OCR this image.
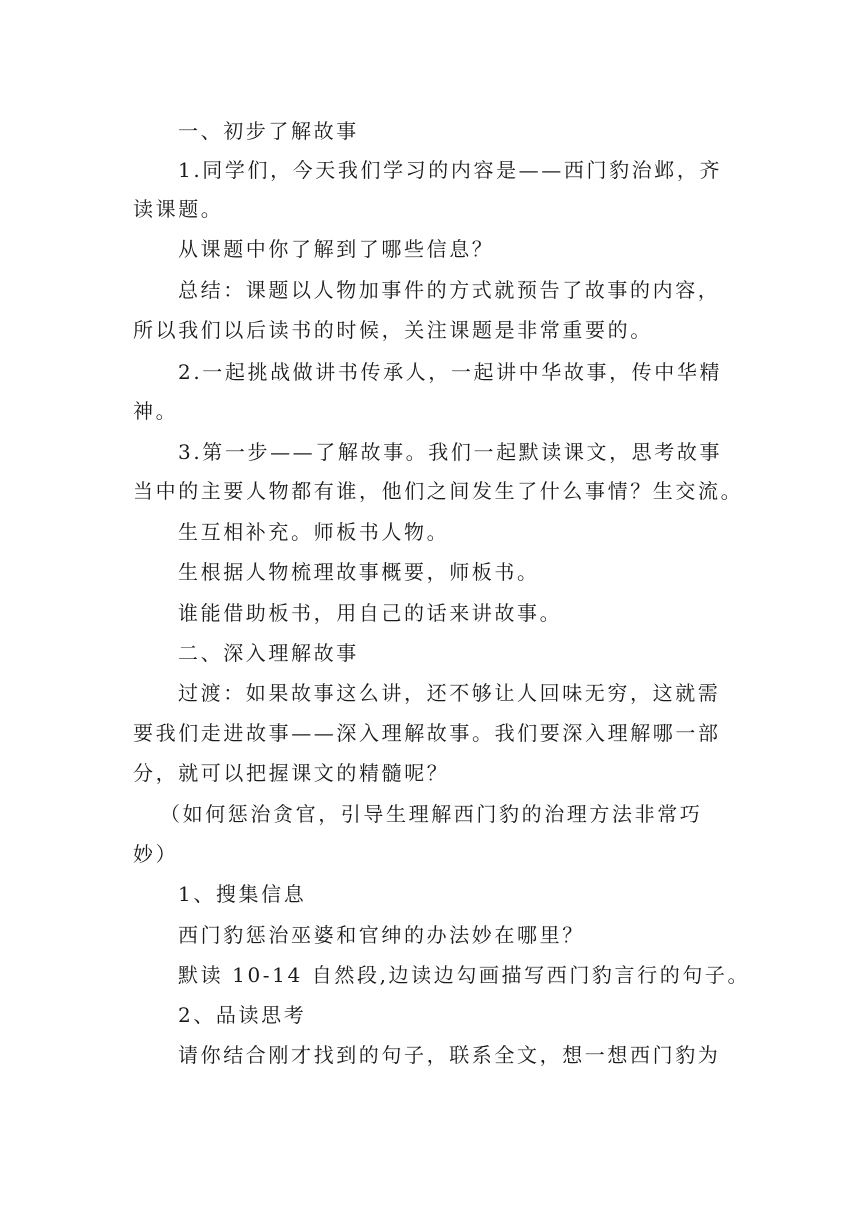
一、初步了解故事
1.同学们，今天我们学习的内容是——西门豹治邺，齐
读课题。
从课题中你了解到了哪些信息？
总结：课题以人物加事件的方式就预告了故事的内容，
所以我们以后读书的时候，关注课题是非常重要的。
2.一起挑战做讲书传承人，一起讲中华故事，传中华精
神。
3.第一步——了解故事。我们一起默读课文，思考故事
当中的主要人物都有谁，他们之间发生了什么事情？生交流。
生互相补充。师板书人物。
生根据人物梳理故事概要，师板书。
谁能借助板书，用自己的话来讲故事。
二、深入理解故事
过渡：如果故事这么讲，还不够让人回味无穷，这就需
要我们走进故事——深入理解故事。我们要深入理解哪一部
分，就可以把握课文的精髓呢？
（如何惩治贪官，引导生理解西门豹的治理方法非常巧
妙）
1、搜集信息
西门豹惩治巫婆和官绅的办法妙在哪里？
默读 10-14 自然段,边读边勾画描写西门豹言行的句子。
2、品读思考
请你结合刚才找到的句子，联系全文，想一想西门豹为
